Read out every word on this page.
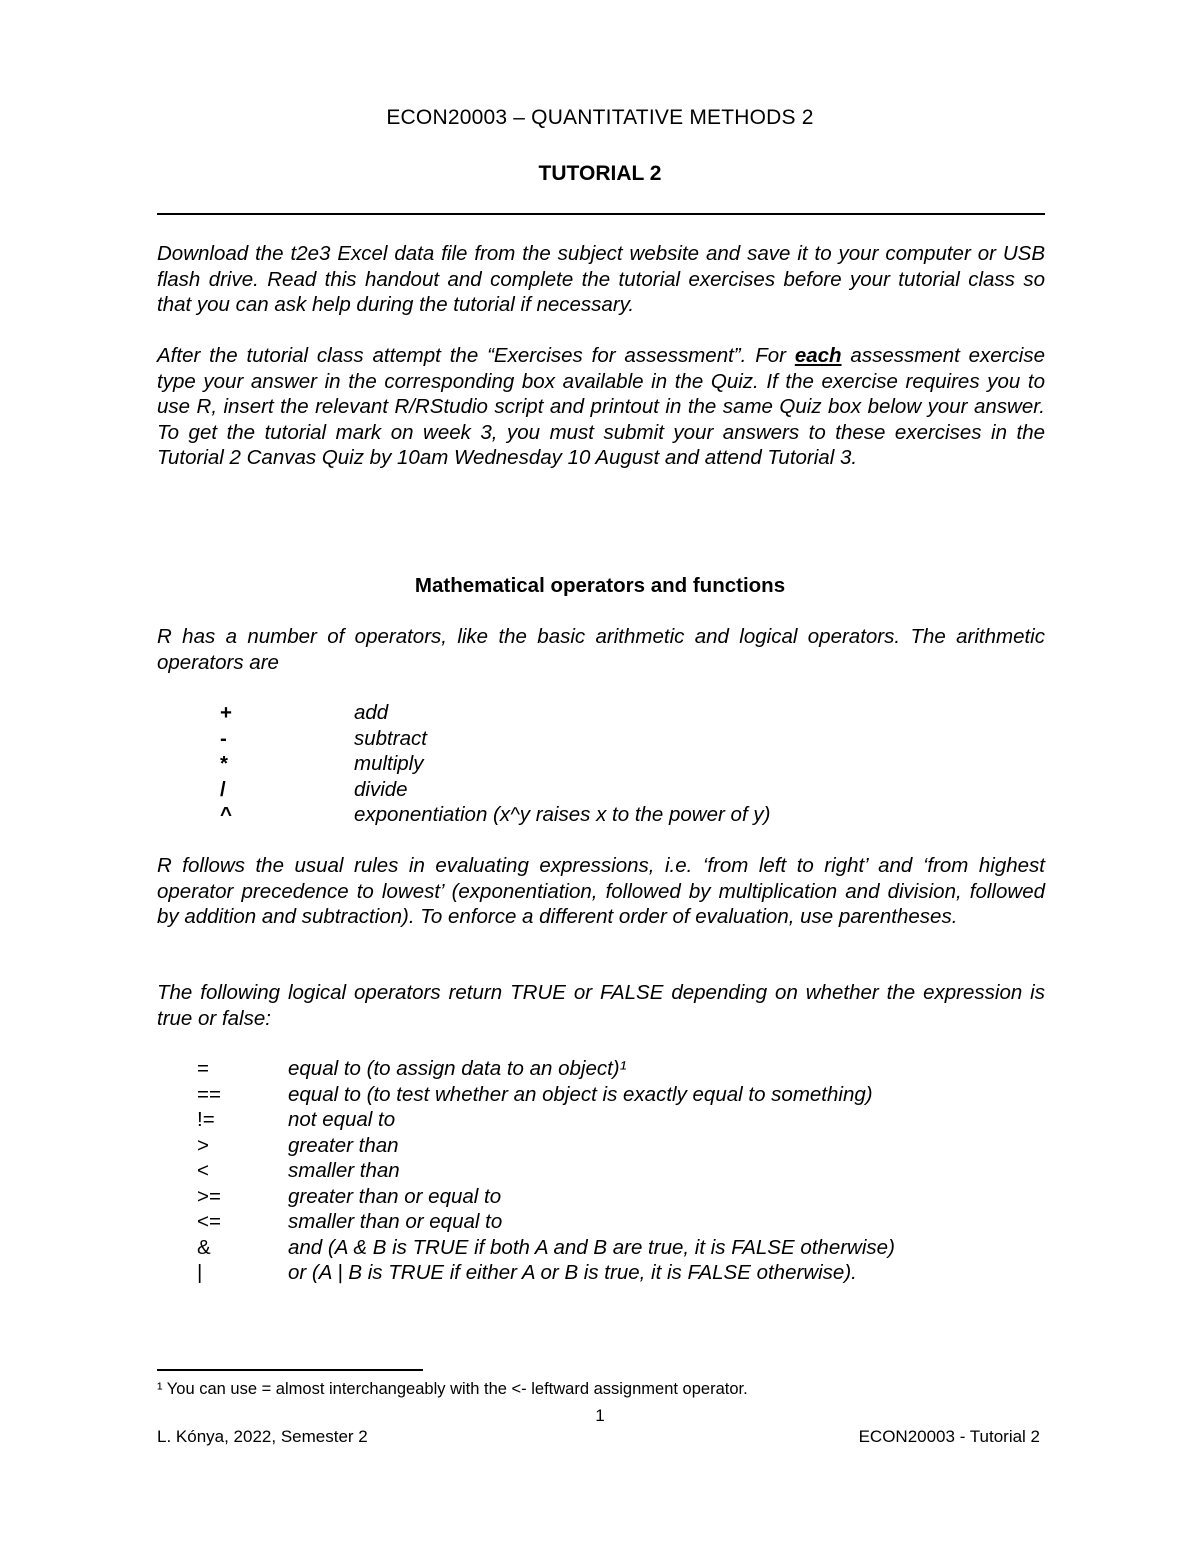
ECON20003 – QUANTITATIVE METHODS 2
TUTORIAL 2
Download the t2e3 Excel data file from the subject website and save it to your computer or USB flash drive. Read this handout and complete the tutorial exercises before your tutorial class so that you can ask help during the tutorial if necessary.
After the tutorial class attempt the “Exercises for assessment”. For each assessment exercise type your answer in the corresponding box available in the Quiz. If the exercise requires you to use R, insert the relevant R/RStudio script and printout in the same Quiz box below your answer. To get the tutorial mark on week 3, you must submit your answers to these exercises in the Tutorial 2 Canvas Quiz by 10am Wednesday 10 August and attend Tutorial 3.
Mathematical operators and functions
R has a number of operators, like the basic arithmetic and logical operators. The arithmetic operators are
+	add
-	subtract
*	multiply
/	divide
^	exponentiation (x^y raises x to the power of y)
R follows the usual rules in evaluating expressions, i.e. ‘from left to right’ and ‘from highest operator precedence to lowest’ (exponentiation, followed by multiplication and division, followed by addition and subtraction). To enforce a different order of evaluation, use parentheses.
The following logical operators return TRUE or FALSE depending on whether the expression is true or false:
=	equal to (to assign data to an object)¹
==	equal to (to test whether an object is exactly equal to something)
!=	not equal to
>	greater than
<	smaller than
>=	greater than or equal to
<=	smaller than or equal to
&	and (A & B is TRUE if both A and B are true, it is FALSE otherwise)
|	or (A | B is TRUE if either A or B is true, it is FALSE otherwise).
¹ You can use = almost interchangeably with the <- leftward assignment operator.
1
L. Kónya, 2022, Semester 2	ECON20003 - Tutorial 2
